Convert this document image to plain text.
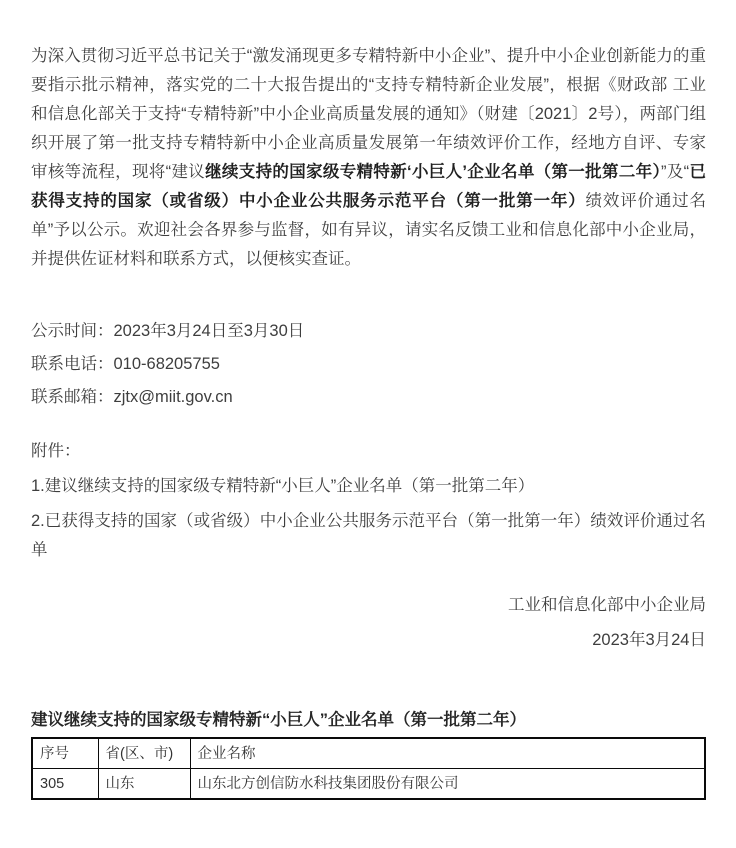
为深入贯彻习近平总书记关于“激发涌现更多专精特新中小企业”、提升中小企业创新能力的重要指示批示精神，落实党的二十大报告提出的“支持专精特新企业发展”，根据《财政部 工业和信息化部关于支持“专精特新”中小企业高质量发展的通知》（财建〔2021〕2号），两部门组织开展了第一批支持专精特新中小企业高质量发展第一年绩效评价工作，经地方自评、专家审核等流程，现将“建议继续支持的国家级专精特新‘小巨人’企业名单（第一批第二年）”及“已获得支持的国家（或省级）中小企业公共服务示范平台（第一批第一年）绩效评价通过名单”予以公示。欢迎社会各界参与监督，如有异议，请实名反馈工业和信息化部中小企业局，并提供佐证材料和联系方式，以便核实查证。

公示时间：2023年3月24日至3月30日

联系电话：010-68205755

联系邮箱：zjtx@miit.gov.cn

附件：

1.建议继续支持的国家级专精特新“小巨人”企业名单（第一批第二年）

2.已获得支持的国家（或省级）中小企业公共服务示范平台（第一批第一年）绩效评价通过名单

工业和信息化部中小企业局

2023年3月24日

建议继续支持的国家级专精特新“小巨人”企业名单（第一批第二年）

序号	省(区、市)	企业名称
305	山东	山东北方创信防水科技集团股份有限公司
